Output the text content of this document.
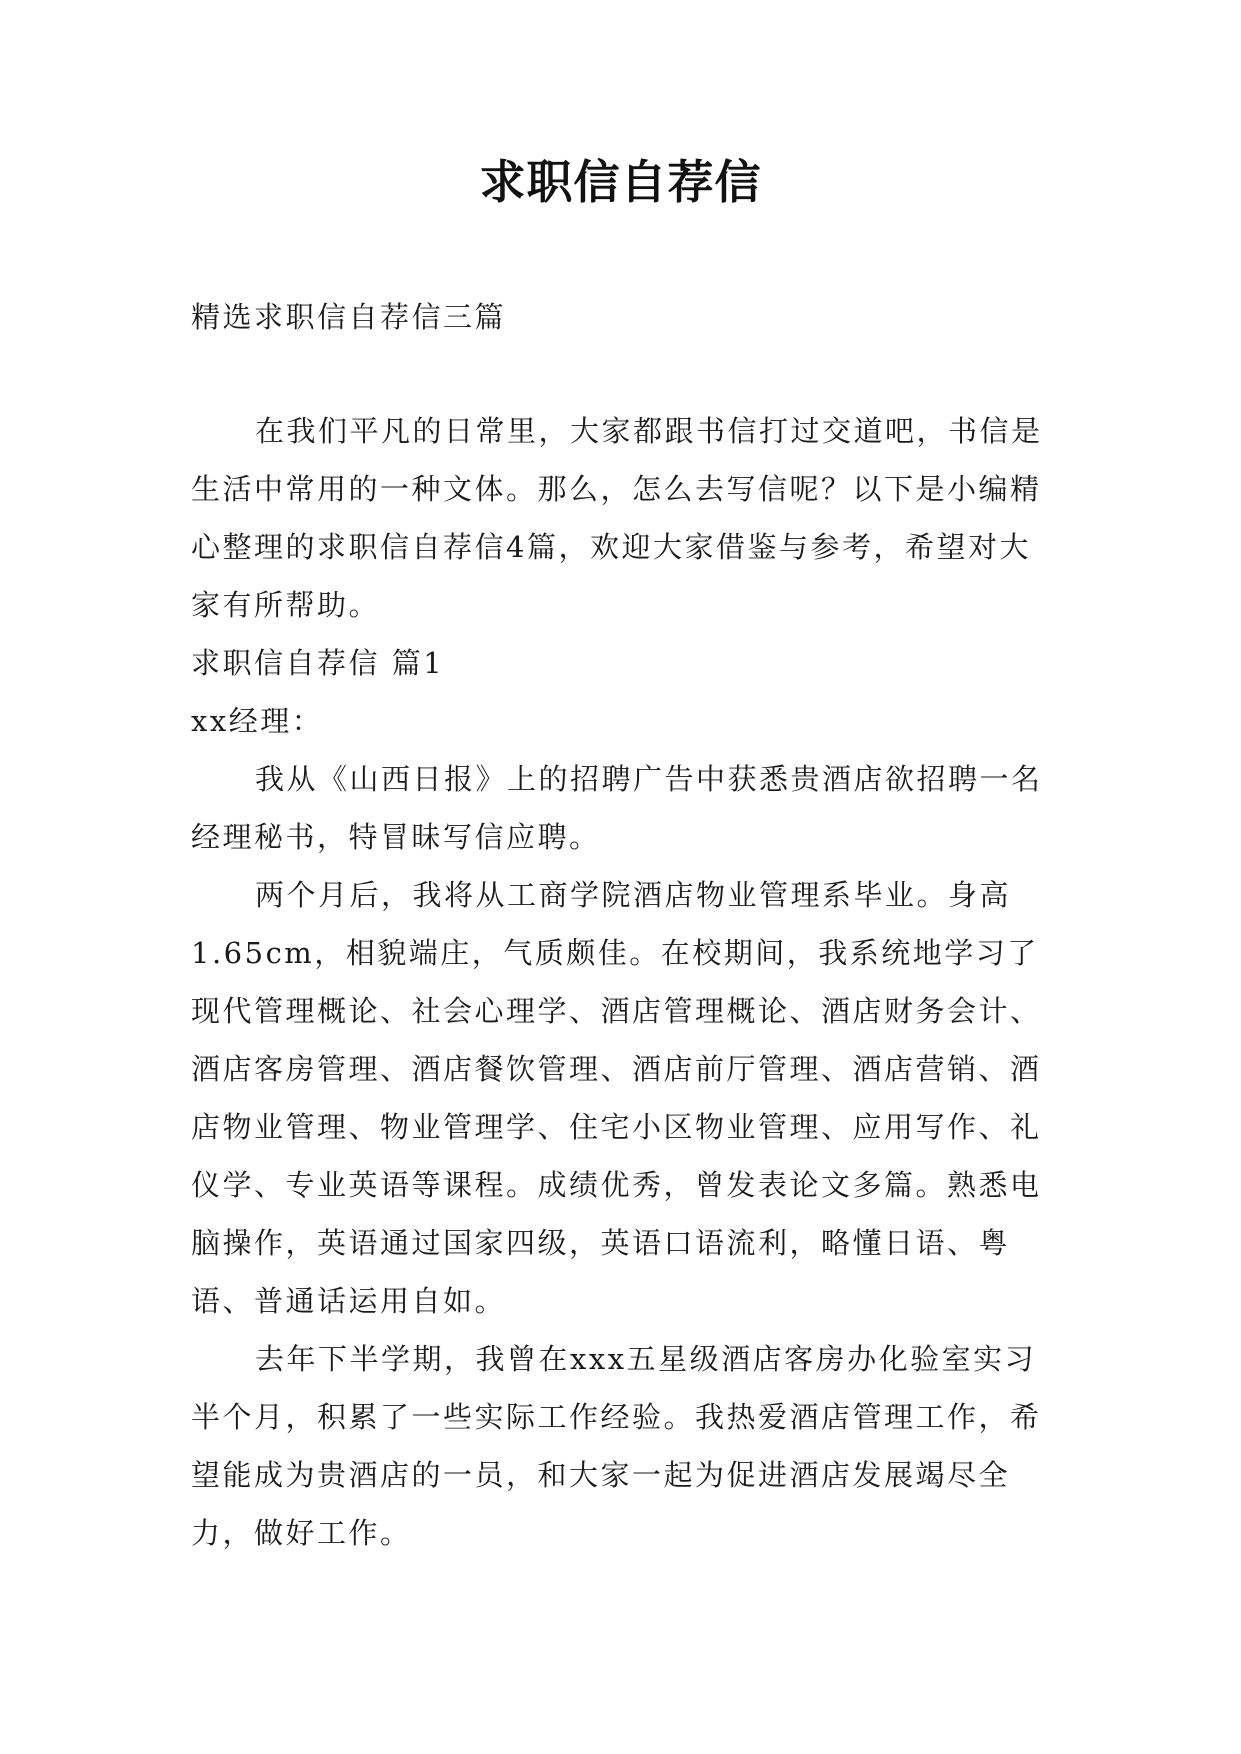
求职信自荐信
精选求职信自荐信三篇

在我们平凡的日常里，大家都跟书信打过交道吧，书信是生活中常用的一种文体。那么，怎么去写信呢？以下是小编精心整理的求职信自荐信4篇，欢迎大家借鉴与参考，希望对大家有所帮助。

求职信自荐信 篇1

xx经理：

我从《山西日报》上的招聘广告中获悉贵酒店欲招聘一名经理秘书，特冒昧写信应聘。

两个月后，我将从工商学院酒店物业管理系毕业。身高1.65cm，相貌端庄，气质颇佳。在校期间，我系统地学习了现代管理概论、社会心理学、酒店管理概论、酒店财务会计、酒店客房管理、酒店餐饮管理、酒店前厅管理、酒店营销、酒店物业管理、物业管理学、住宅小区物业管理、应用写作、礼仪学、专业英语等课程。成绩优秀，曾发表论文多篇。熟悉电脑操作，英语通过国家四级，英语口语流利，略懂日语、粤语、普通话运用自如。

去年下半学期，我曾在xxx五星级酒店客房办化验室实习半个月，积累了一些实际工作经验。我热爱酒店管理工作，希望能成为贵酒店的一员，和大家一起为促进酒店发展竭尽全力，做好工作。
